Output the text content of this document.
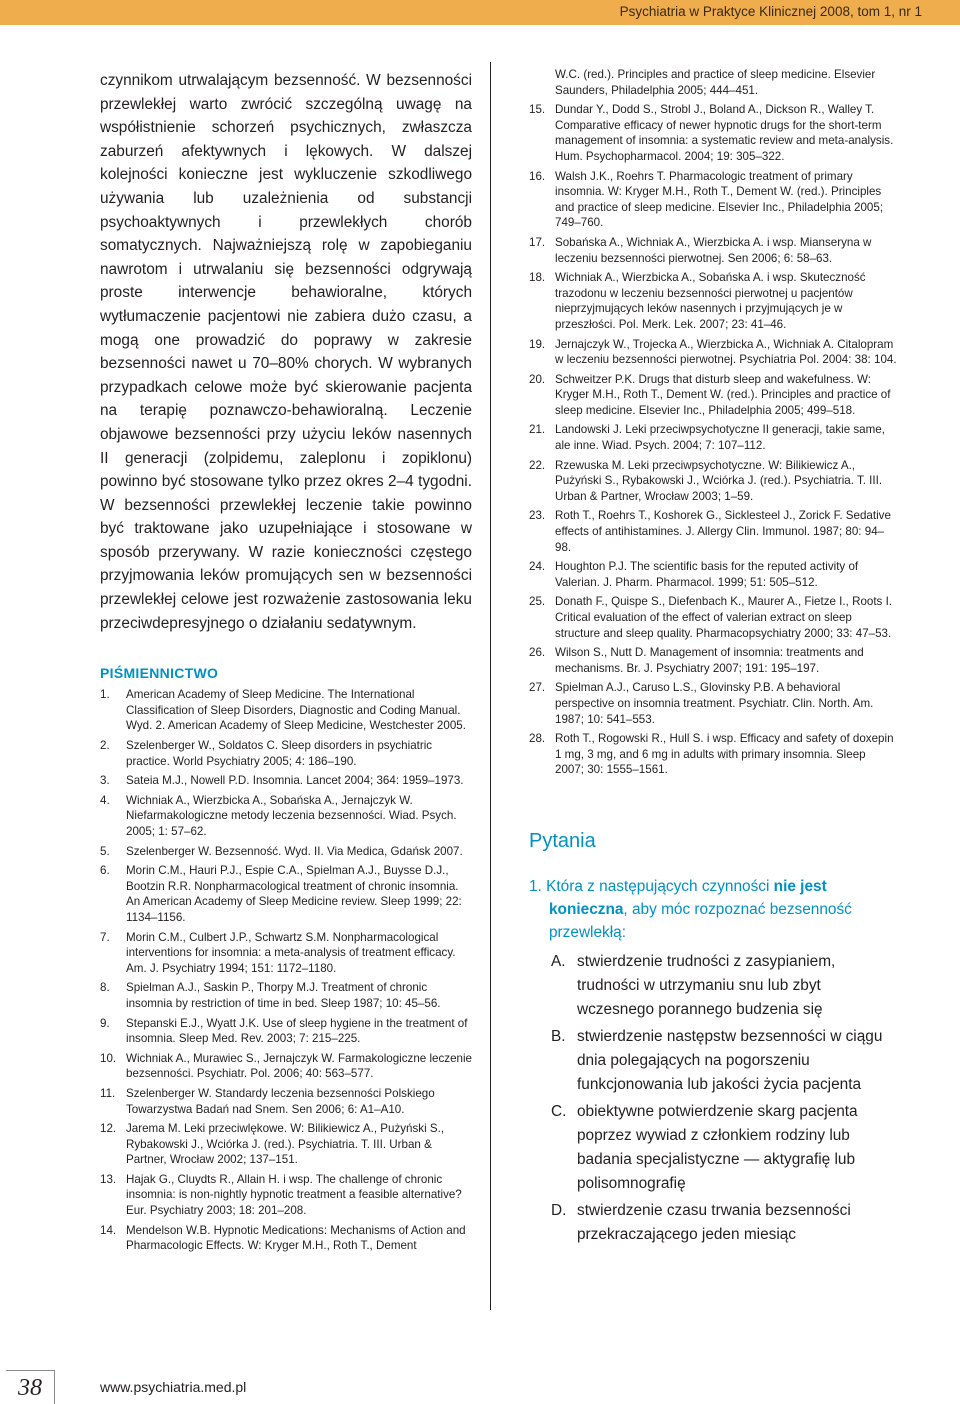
Psychiatria w Praktyce Klinicznej 2008, tom 1, nr 1

czynnikom utrwalającym bezsenność. W bezsenności przewlekłej warto zwrócić szczególną uwagę na współistnienie schorzeń psychicznych, zwłaszcza zaburzeń afektywnych i lękowych. W dalszej kolejności konieczne jest wykluczenie szkodliwego używania lub uzależnienia od substancji psychoaktywnych i przewlekłych chorób somatycznych. Najważniejszą rolę w zapobieganiu nawrotom i utrwalaniu się bezsenności odgrywają proste interwencje behawioralne, których wytłumaczenie pacjentowi nie zabiera dużo czasu, a mogą one prowadzić do poprawy w zakresie bezsenności nawet u 70–80% chorych. W wybranych przypadkach celowe może być skierowanie pacjenta na terapię poznawczo-behawioralną. Leczenie objawowe bezsenności przy użyciu leków nasennych II generacji (zolpidemu, zaleplonu i zopiklonu) powinno być stosowane tylko przez okres 2–4 tygodni. W bezsenności przewlekłej leczenie takie powinno być traktowane jako uzupełniające i stosowane w sposób przerywany. W razie konieczności częstego przyjmowania leków promujących sen w bezsenności przewlekłej celowe jest rozważenie zastosowania leku przeciwdepresyjnego o działaniu sedatywnym.

PIŚMIENNICTWO
1. American Academy of Sleep Medicine. The International Classification of Sleep Disorders, Diagnostic and Coding Manual. Wyd. 2. American Academy of Sleep Medicine, Westchester 2005.
2. Szelenberger W., Soldatos C. Sleep disorders in psychiatric practice. World Psychiatry 2005; 4: 186–190.
3. Sateia M.J., Nowell P.D. Insomnia. Lancet 2004; 364: 1959–1973.
4. Wichniak A., Wierzbicka A., Sobańska A., Jernajczyk W. Niefarmakologiczne metody leczenia bezsenności. Wiad. Psych. 2005; 1: 57–62.
5. Szelenberger W. Bezsenność. Wyd. II. Via Medica, Gdańsk 2007.
6. Morin C.M., Hauri P.J., Espie C.A., Spielman A.J., Buysse D.J., Bootzin R.R. Nonpharmacological treatment of chronic insomnia. An American Academy of Sleep Medicine review. Sleep 1999; 22: 1134–1156.
7. Morin C.M., Culbert J.P., Schwartz S.M. Nonpharmacological interventions for insomnia: a meta-analysis of treatment efficacy. Am. J. Psychiatry 1994; 151: 1172–1180.
8. Spielman A.J., Saskin P., Thorpy M.J. Treatment of chronic insomnia by restriction of time in bed. Sleep 1987; 10: 45–56.
9. Stepanski E.J., Wyatt J.K. Use of sleep hygiene in the treatment of insomnia. Sleep Med. Rev. 2003; 7: 215–225.
10. Wichniak A., Murawiec S., Jernajczyk W. Farmakologiczne leczenie bezsenności. Psychiatr. Pol. 2006; 40: 563–577.
11. Szelenberger W. Standardy leczenia bezsenności Polskiego Towarzystwa Badań nad Snem. Sen 2006; 6: A1–A10.
12. Jarema M. Leki przeciwlękowe. W: Bilikiewicz A., Pużyński S., Rybakowski J., Wciórka J. (red.). Psychiatria. T. III. Urban & Partner, Wrocław 2002; 137–151.
13. Hajak G., Cluydts R., Allain H. i wsp. The challenge of chronic insomnia: is non-nightly hypnotic treatment a feasible alternative? Eur. Psychiatry 2003; 18: 201–208.
14. Mendelson W.B. Hypnotic Medications: Mechanisms of Action and Pharmacologic Effects. W: Kryger M.H., Roth T., Dement
W.C. (red.). Principles and practice of sleep medicine. Elsevier Saunders, Philadelphia 2005; 444–451.
15. Dundar Y., Dodd S., Strobl J., Boland A., Dickson R., Walley T. Comparative efficacy of newer hypnotic drugs for the short-term management of insomnia: a systematic review and meta-analysis. Hum. Psychopharmacol. 2004; 19: 305–322.
16. Walsh J.K., Roehrs T. Pharmacologic treatment of primary insomnia. W: Kryger M.H., Roth T., Dement W. (red.). Principles and practice of sleep medicine. Elsevier Inc., Philadelphia 2005; 749–760.
17. Sobańska A., Wichniak A., Wierzbicka A. i wsp. Mianseryna w leczeniu bezsenności pierwotnej. Sen 2006; 6: 58–63.
18. Wichniak A., Wierzbicka A., Sobańska A. i wsp. Skuteczność trazodonu w leczeniu bezsenności pierwotnej u pacjentów nieprzyjmujących leków nasennych i przyjmujących je w przeszłości. Pol. Merk. Lek. 2007; 23: 41–46.
19. Jernajczyk W., Trojecka A., Wierzbicka A., Wichniak A. Citalopram w leczeniu bezsenności pierwotnej. Psychiatria Pol. 2004: 38: 104.
20. Schweitzer P.K. Drugs that disturb sleep and wakefulness. W: Kryger M.H., Roth T., Dement W. (red.). Principles and practice of sleep medicine. Elsevier Inc., Philadelphia 2005; 499–518.
21. Landowski J. Leki przeciwpsychotyczne II generacji, takie same, ale inne. Wiad. Psych. 2004; 7: 107–112.
22. Rzewuska M. Leki przeciwpsychotyczne. W: Bilikiewicz A., Pużyński S., Rybakowski J., Wciórka J. (red.). Psychiatria. T. III. Urban & Partner, Wrocław 2003; 1–59.
23. Roth T., Roehrs T., Koshorek G., Sicklesteel J., Zorick F. Sedative effects of antihistamines. J. Allergy Clin. Immunol. 1987; 80: 94–98.
24. Houghton P.J. The scientific basis for the reputed activity of Valerian. J. Pharm. Pharmacol. 1999; 51: 505–512.
25. Donath F., Quispe S., Diefenbach K., Maurer A., Fietze I., Roots I. Critical evaluation of the effect of valerian extract on sleep structure and sleep quality. Pharmacopsychiatry 2000; 33: 47–53.
26. Wilson S., Nutt D. Management of insomnia: treatments and mechanisms. Br. J. Psychiatry 2007; 191: 195–197.
27. Spielman A.J., Caruso L.S., Glovinsky P.B. A behavioral perspective on insomnia treatment. Psychiatr. Clin. North. Am. 1987; 10: 541–553.
28. Roth T., Rogowski R., Hull S. i wsp. Efficacy and safety of doxepin 1 mg, 3 mg, and 6 mg in adults with primary insomnia. Sleep 2007; 30: 1555–1561.
Pytania

1. Która z następujących czynności nie jest konieczna, aby móc rozpoznać bezsenność przewlekłą:

A. stwierdzenie trudności z zasypianiem, trudności w utrzymaniu snu lub zbyt wczesnego porannego budzenia się
B. stwierdzenie następstw bezsenności w ciągu dnia polegających na pogorszeniu funkcjonowania lub jakości życia pacjenta
C. obiektywne potwierdzenie skarg pacjenta poprzez wywiad z członkiem rodziny lub badania specjalistyczne — aktygrafię lub polisomnografię
D. stwierdzenie czasu trwania bezsenności przekraczającego jeden miesiąc
38	www.psychiatria.med.pl
